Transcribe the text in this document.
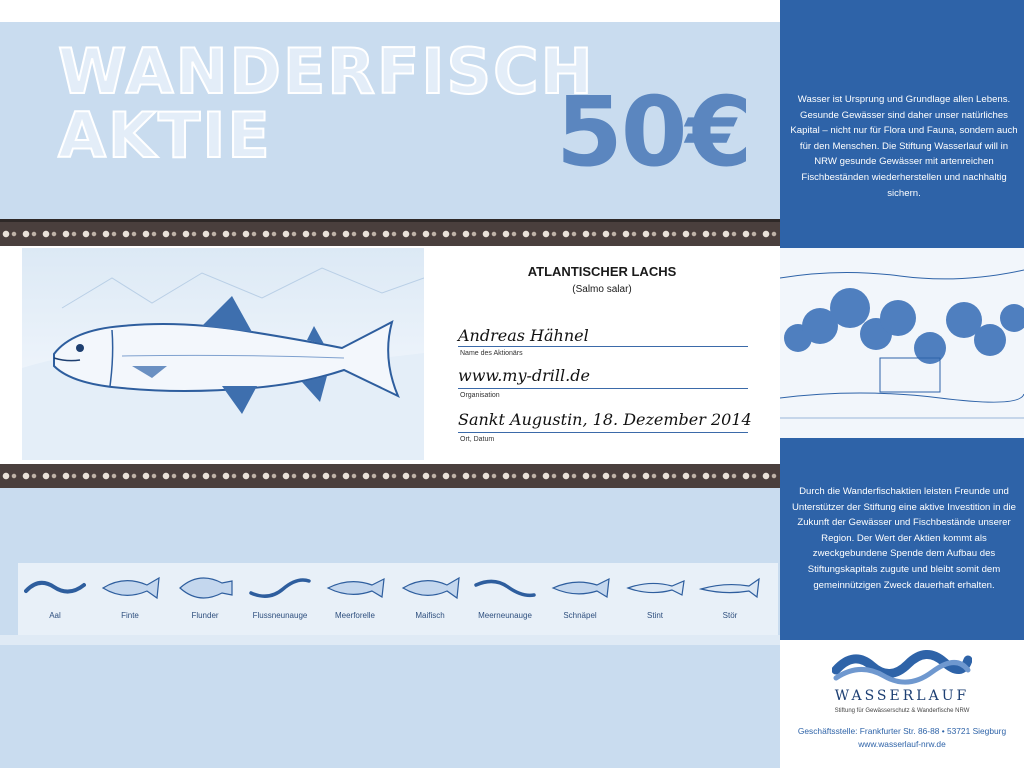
WANDERFISCH
AKTIE	50€
ATLANTISCHER LACHS
(Salmo salar)
Andreas Hähnel
Name des Aktionärs
www.my-drill.de
Organisation
Sankt Augustin, 18. Dezember 2014
Ort, Datum
Aal	Finte	Flunder	Flussneunauge	Meerforelle	Maifisch	Meerneunauge	Schnäpel	Stint	Stör
Wasser ist Ursprung und Grundlage allen Lebens. Gesunde Gewässer sind daher unser natürliches Kapital – nicht nur für Flora und Fauna, sondern auch für den Menschen. Die Stiftung Wasserlauf will in NRW gesunde Gewässer mit artenreichen Fischbeständen wiederherstellen und nachhaltig sichern.
Durch die Wanderfischaktien leisten Freunde und Unterstützer der Stiftung eine aktive Investition in die Zukunft der Gewässer und Fischbestände unserer Region. Der Wert der Aktien kommt als zweckgebundene Spende dem Aufbau des Stiftungskapitals zugute und bleibt somit dem gemeinnützigen Zweck dauerhaft erhalten.
WASSERLAUF
Stiftung für Gewässerschutz & Wanderfische NRW
Geschäftsstelle: Frankfurter Str. 86-88 • 53721 Siegburg
www.wasserlauf-nrw.de
